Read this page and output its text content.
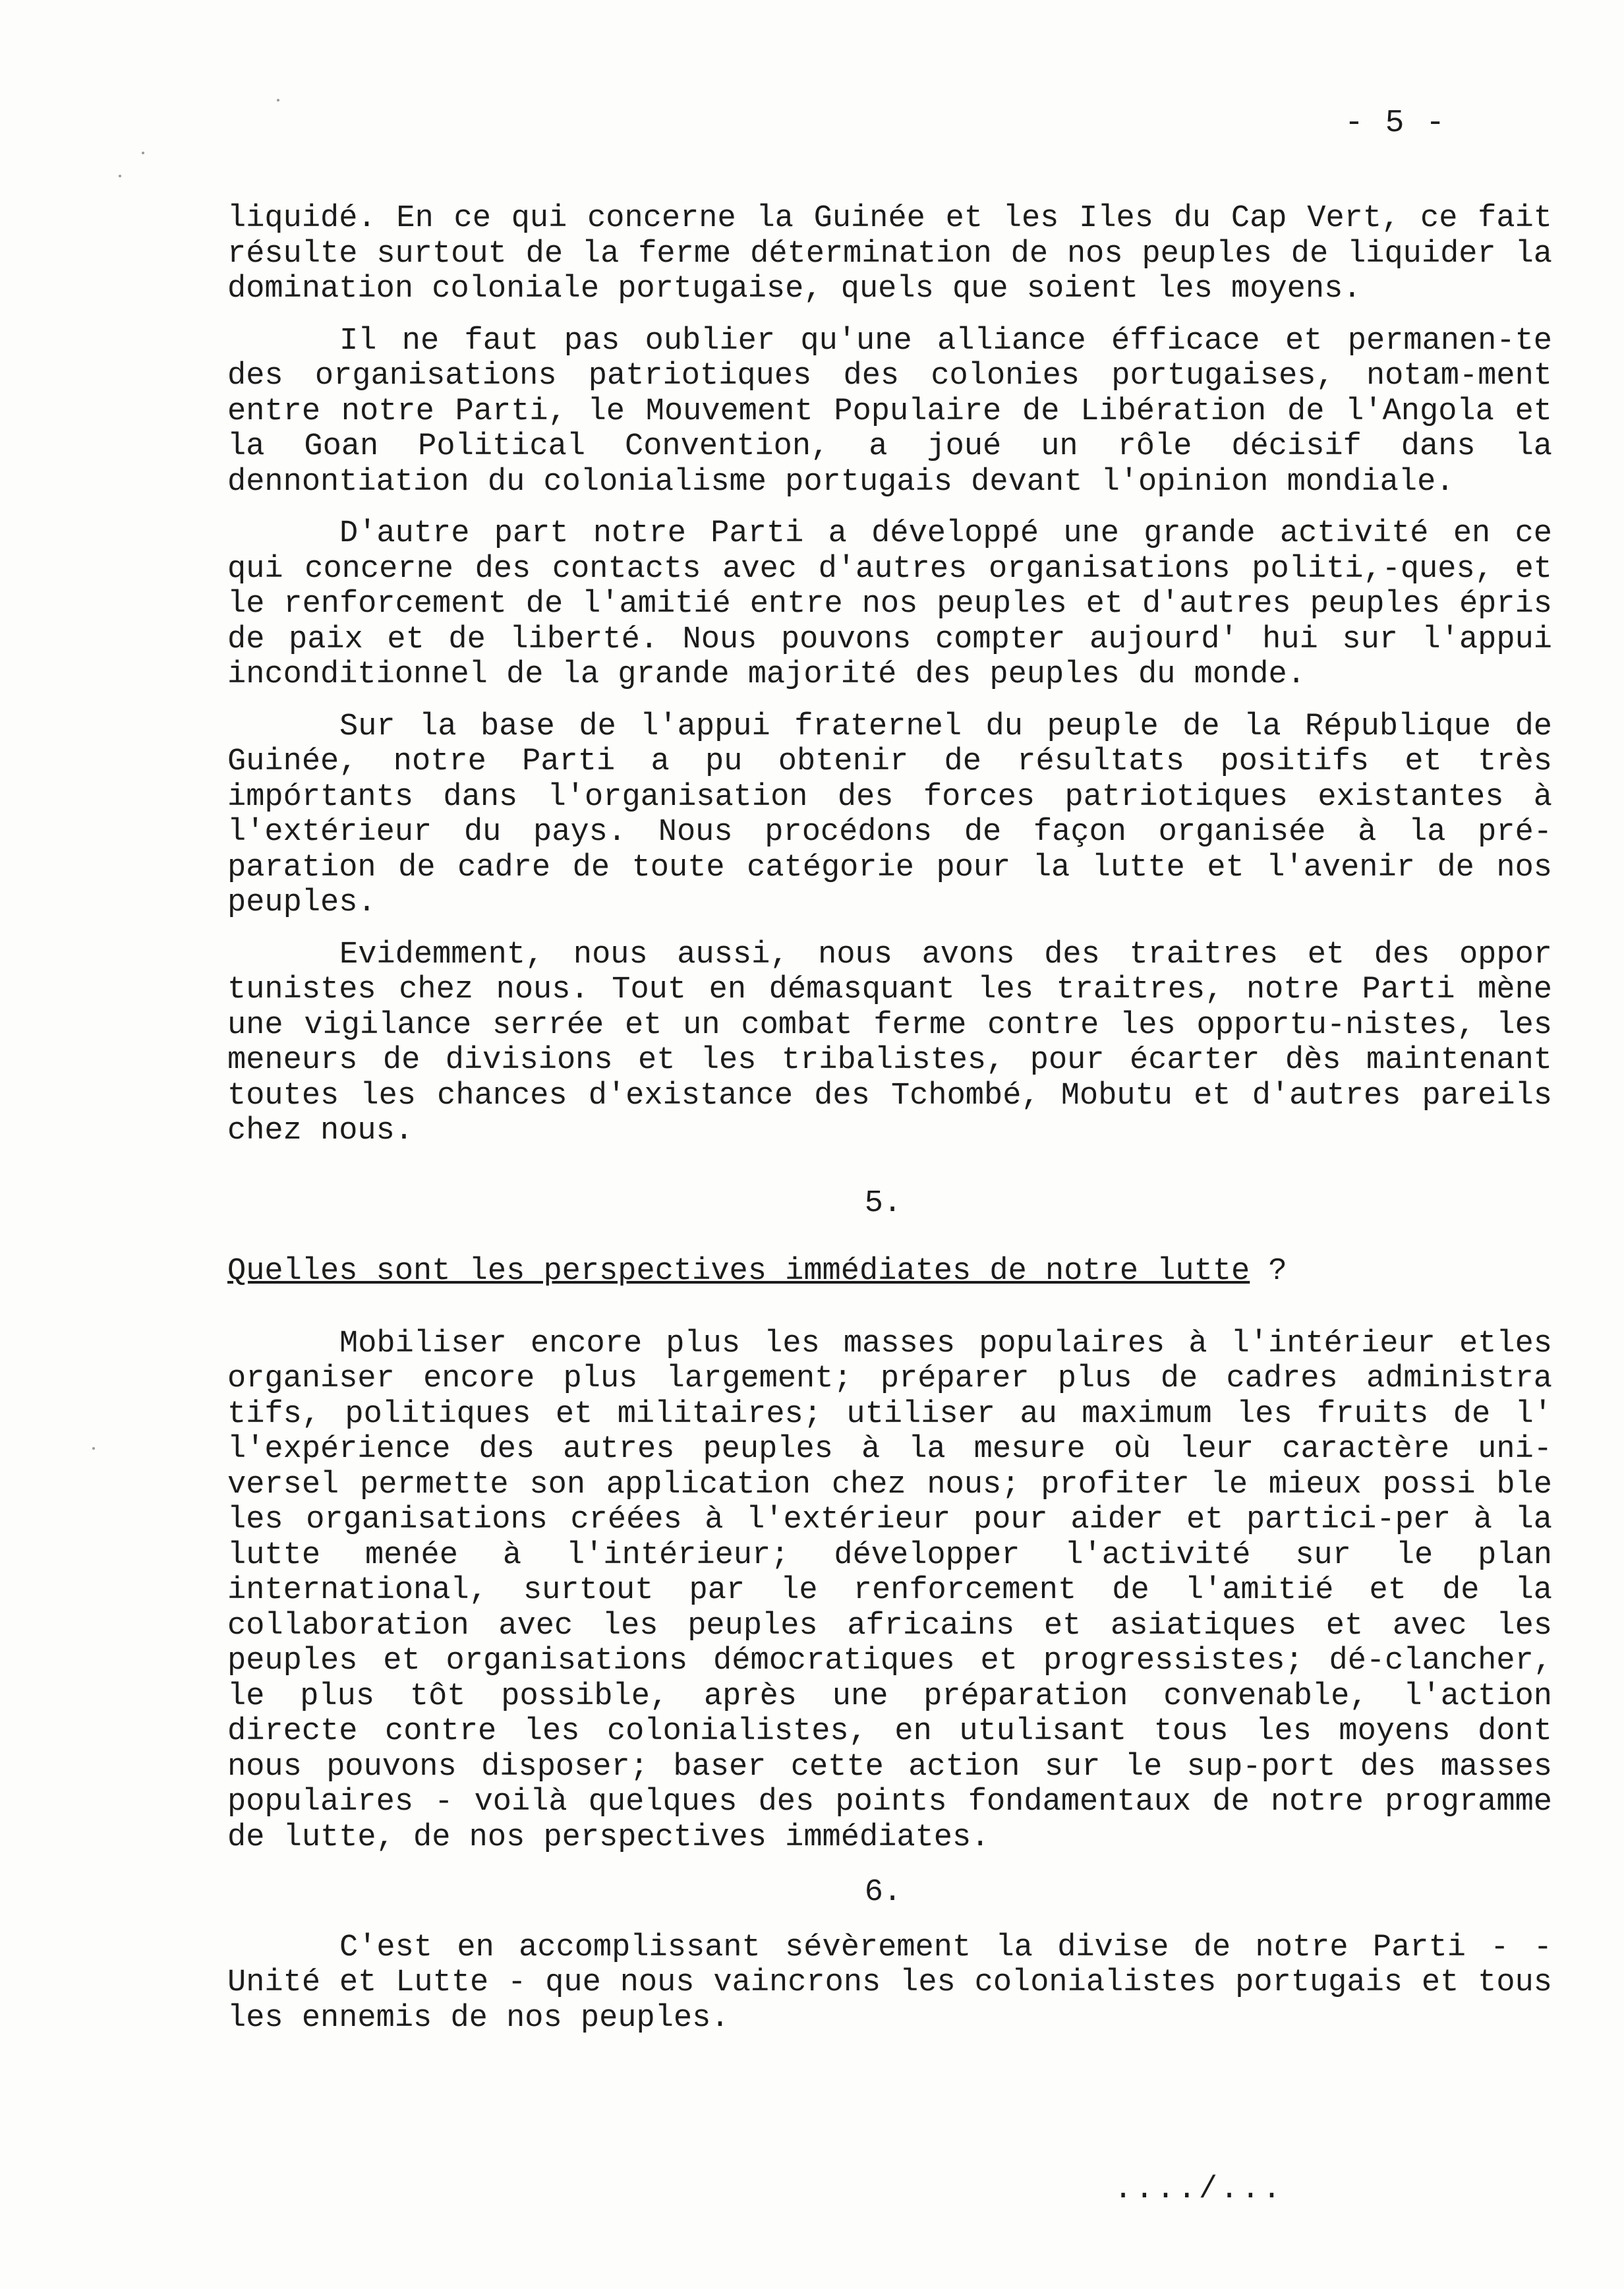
- 5 -

liquidé. En ce qui concerne la Guinée et les Iles du Cap Vert, ce fait résulte surtout de la ferme détermination de nos peuples de liquider la domination coloniale portugaise, quels que soient les moyens.

Il ne faut pas oublier qu'une alliance éfficace et permanen-te des organisations patriotiques des colonies portugaises, notam-ment entre notre Parti, le Mouvement Populaire de Libération de l'Angola et la Goan Political Convention, a joué un rôle décisif dans la dennontiation du colonialisme portugais devant l'opinion mondiale.

D'autre part notre Parti a développé une grande activité en ce qui concerne des contacts avec d'autres organisations politi,-ques, et le renforcement de l'amitié entre nos peuples et d'autres peuples épris de paix et de liberté. Nous pouvons compter aujourd' hui sur l'appui inconditionnel de la grande majorité des peuples du monde.

Sur la base de l'appui fraternel du peuple de la République de Guinée, notre Parti a pu obtenir de résultats positifs et très impórtants dans l'organisation des forces patriotiques existantes à l'extérieur du pays. Nous procédons de façon organisée à la pré-paration de cadre de toute catégorie pour la lutte et l'avenir de nos peuples.

Evidemment, nous aussi, nous avons des traitres et des oppor tunistes chez nous. Tout en démasquant les traitres, notre Parti mène une vigilance serrée et un combat ferme contre les opportu-nistes, les meneurs de divisions et les tribalistes, pour écarter dès maintenant toutes les chances d'existance des Tchombé, Mobutu et d'autres pareils chez nous.

5.
Quelles sont les perspectives immédiates de notre lutte ?

Mobiliser encore plus les masses populaires à l'intérieur etles organiser encore plus largement; préparer plus de cadres administra tifs, politiques et militaires; utiliser au maximum les fruits de l' l'expérience des autres peuples à la mesure où leur caractère uni-versel permette son application chez nous; profiter le mieux possi ble les organisations créées à l'extérieur pour aider et partici-per à la lutte menée à l'intérieur; développer l'activité sur le plan international, surtout par le renforcement de l'amitié et de la collaboration avec les peuples africains et asiatiques et avec les peuples et organisations démocratiques et progressistes; dé-clancher, le plus tôt possible, après une préparation convenable, l'action directe contre les colonialistes, en utulisant tous les moyens dont nous pouvons disposer; baser cette action sur le sup-port des masses populaires - voilà quelques des points fondamentaux de notre programme de lutte, de nos perspectives immédiates.

6.

C'est en accomplissant sévèrement la divise de notre Parti - - Unité et Lutte - que nous vaincrons les colonialistes portugais et tous les ennemis de nos peuples.

..../...
